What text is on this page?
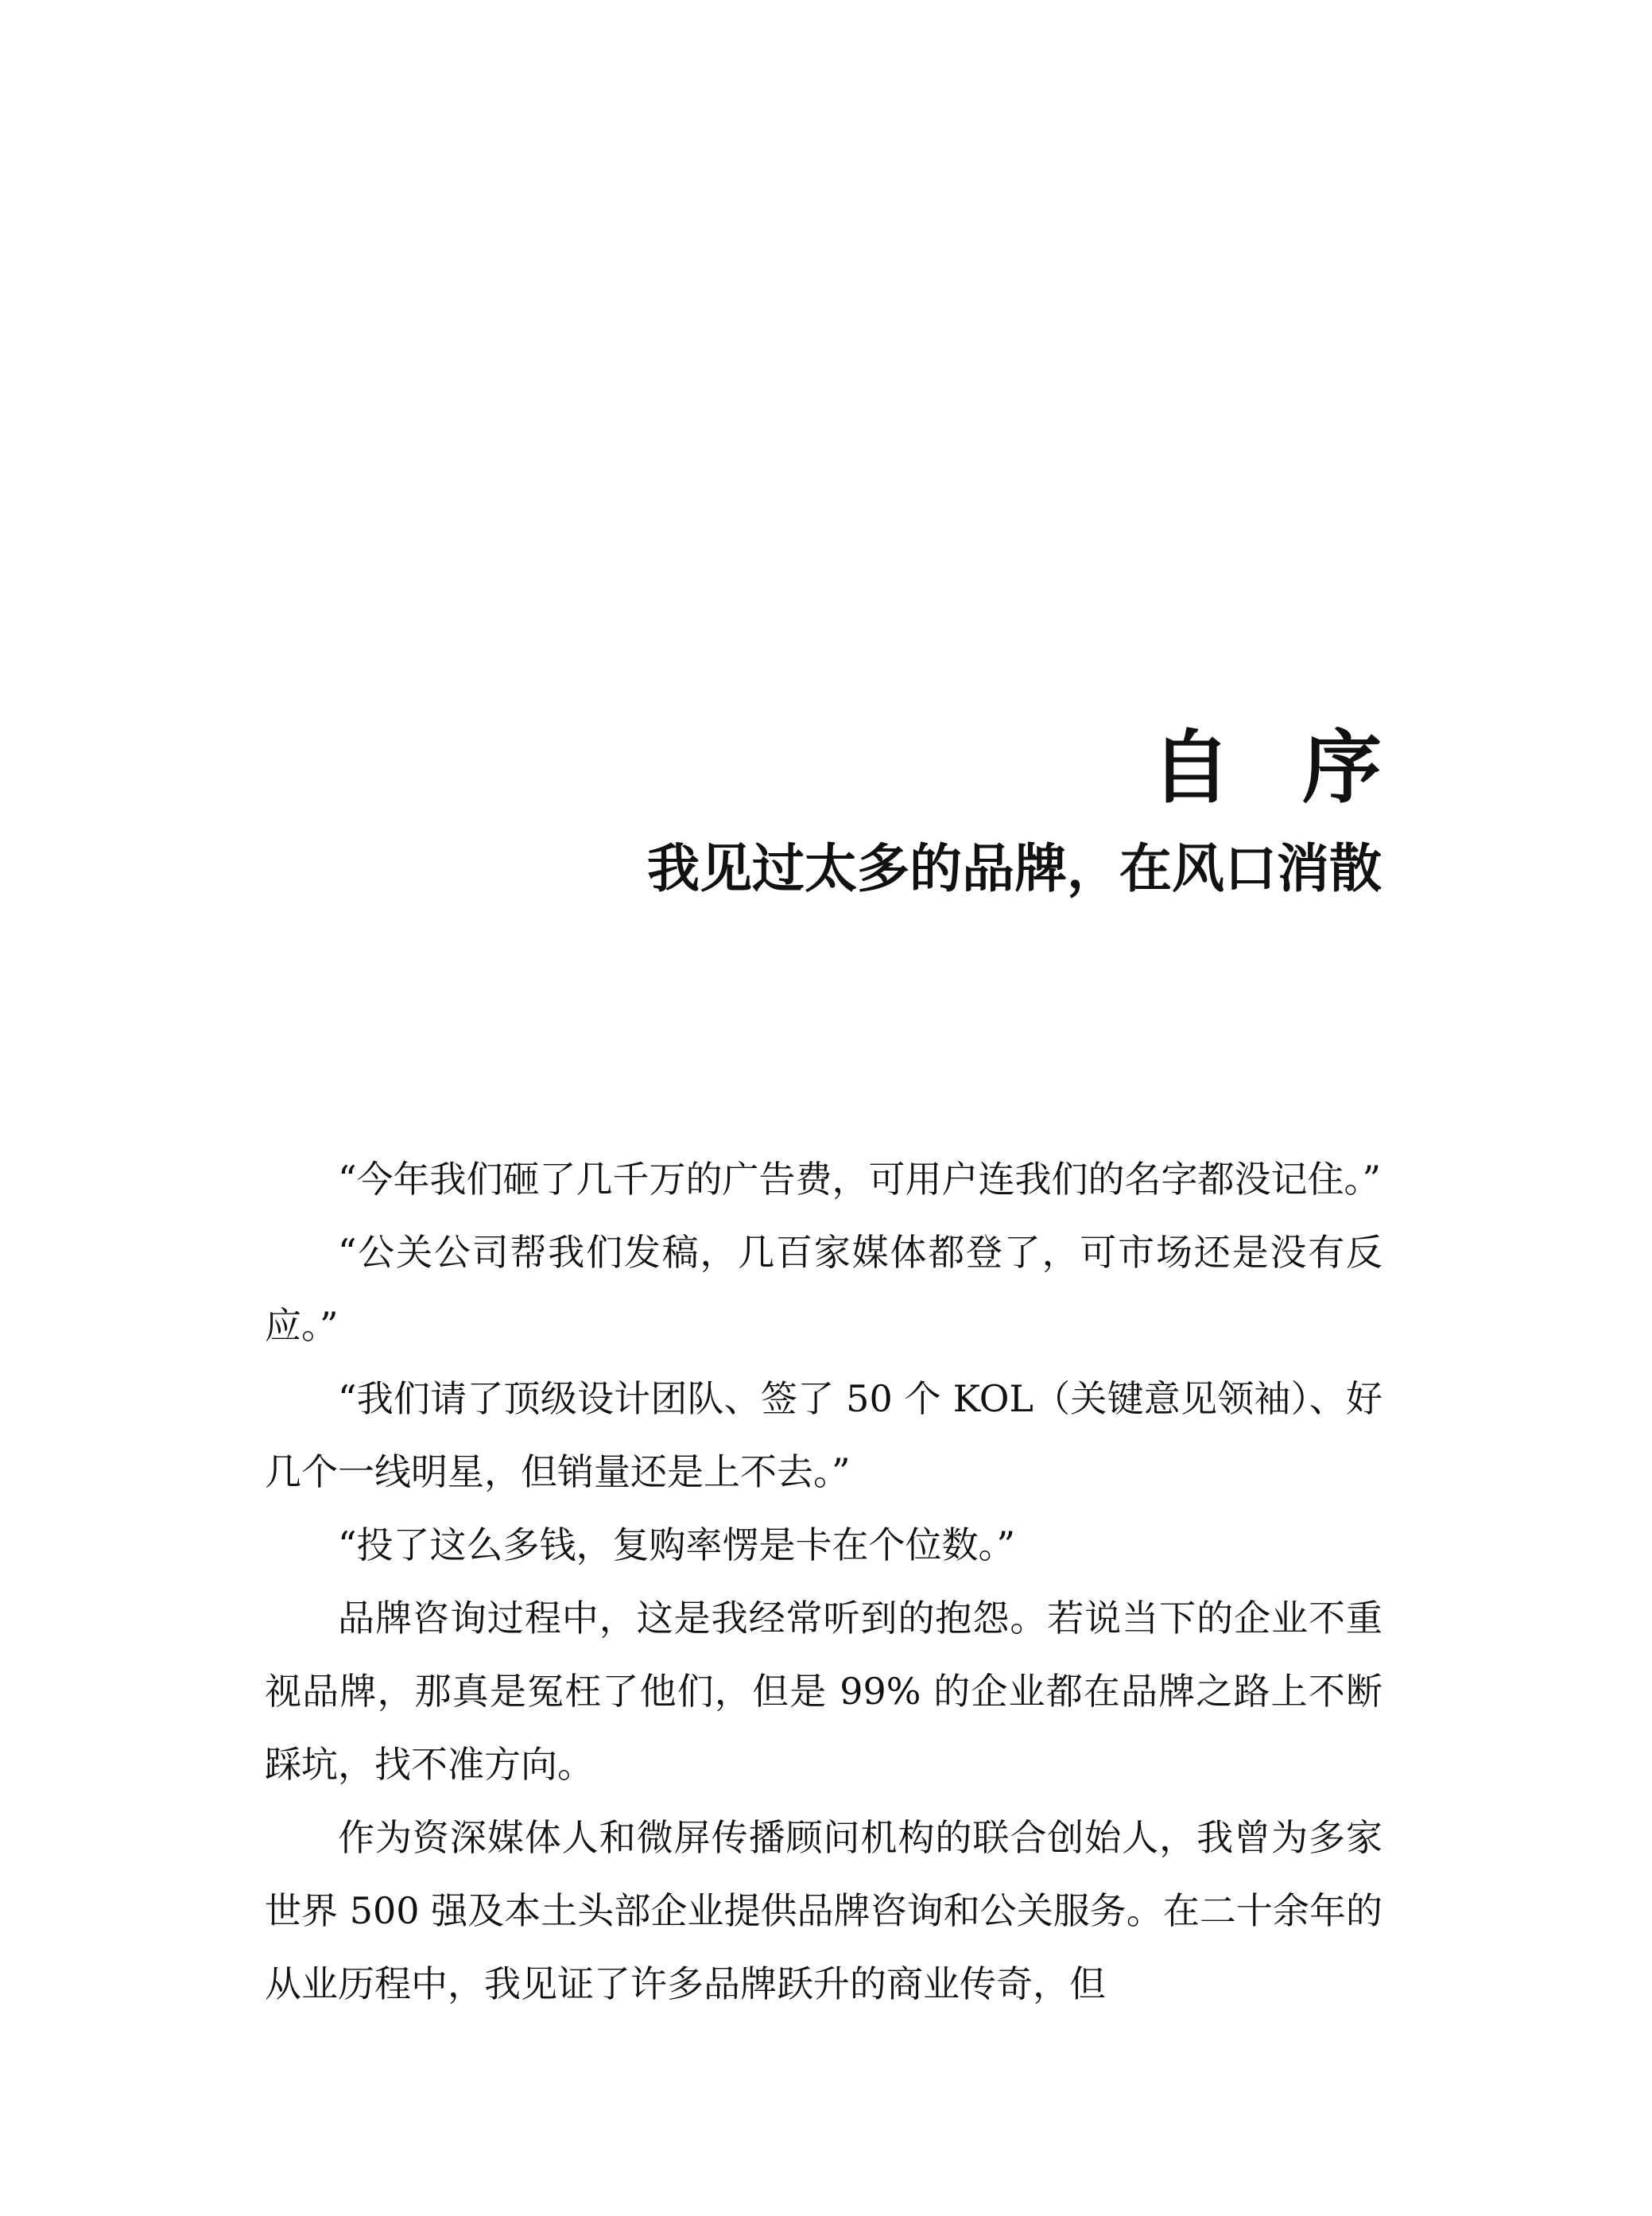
自序
我见过太多的品牌，在风口消散

“今年我们砸了几千万的广告费，可用户连我们的名字都没记住。”

“公关公司帮我们发稿，几百家媒体都登了，可市场还是没有反应。”

“我们请了顶级设计团队、签了 50 个 KOL（关键意见领袖）、好几个一线明星，但销量还是上不去。”

“投了这么多钱，复购率愣是卡在个位数。”

品牌咨询过程中，这是我经常听到的抱怨。若说当下的企业不重视品牌，那真是冤枉了他们，但是 99% 的企业都在品牌之路上不断踩坑，找不准方向。

作为资深媒体人和微屏传播顾问机构的联合创始人，我曾为多家世界 500 强及本土头部企业提供品牌咨询和公关服务。在二十余年的从业历程中，我见证了许多品牌跃升的商业传奇，但
